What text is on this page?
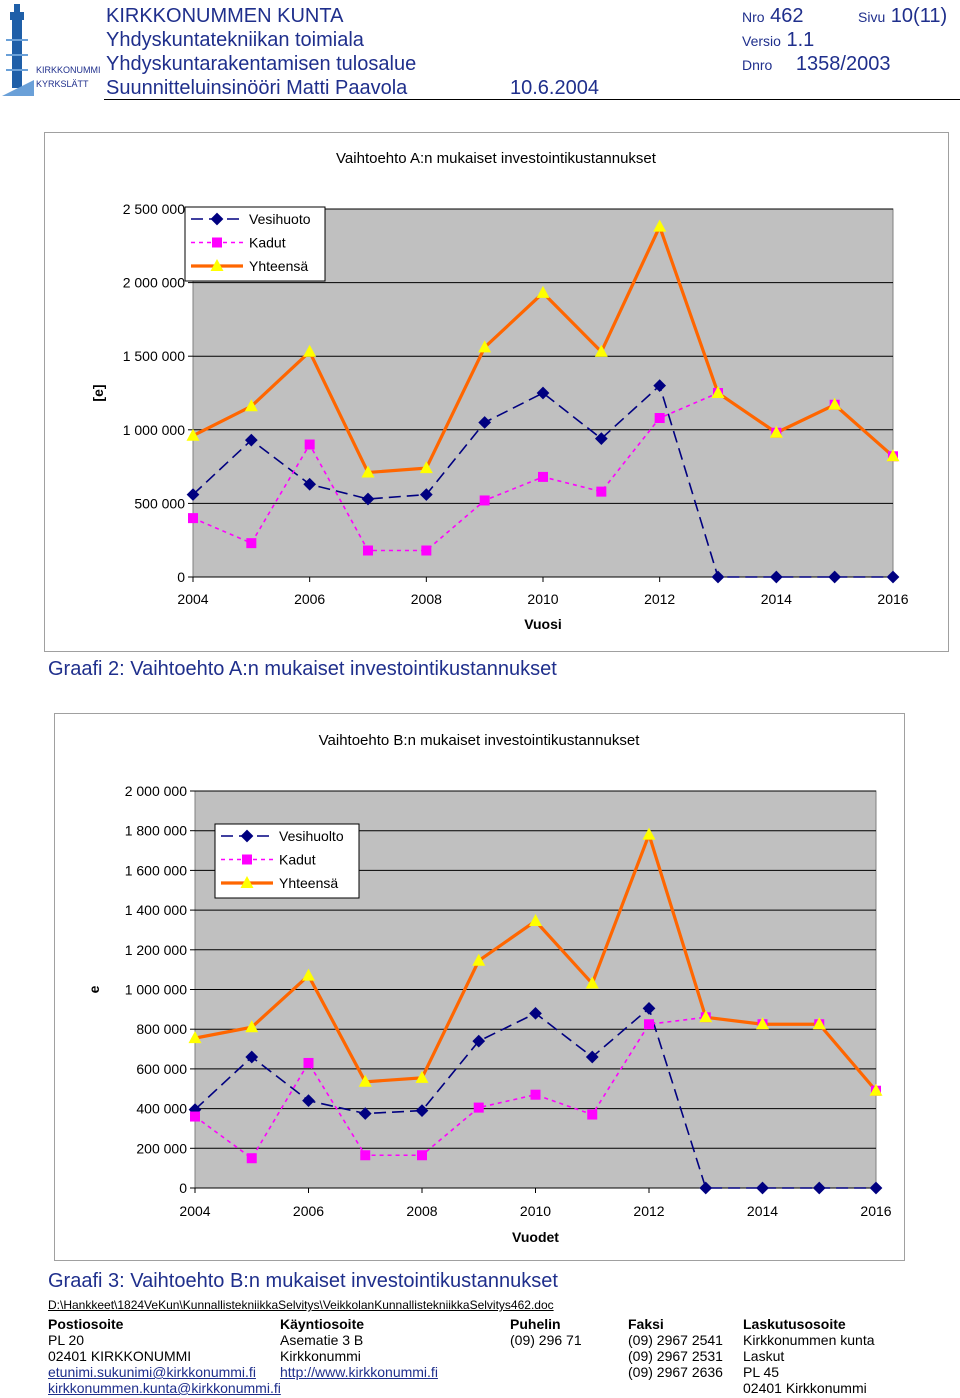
KIRKKONUMMI
KYRKSLÄTT
KIRKKONUMMEN KUNTA
Yhdyskuntatekniikan toimiala
Yhdyskuntarakentamisen tulosalue
Suunnitteluinsinööri Matti Paavola	10.6.2004
Nro 462	Sivu 10(11)
Versio 1.1
Dnro 1358/2003
Vaihtoehto A:n mukaiset investointikustannukset
0
500 000
1 000 000
1 500 000
2 000 000
2 500 000
2004	2006	2008	2010	2012	2014	2016
Vuosi
[e]
Vesihuoto
Kadut
Yhteensä
Graafi 2: Vaihtoehto A:n mukaiset investointikustannukset
Vaihtoehto B:n mukaiset investointikustannukset
0
200 000
400 000
600 000
800 000
1 000 000
1 200 000
1 400 000
1 600 000
1 800 000
2 000 000
2004	2006	2008	2010	2012	2014	2016
Vuodet
e
Vesihuolto
Kadut
Yhteensä
Graafi 3: Vaihtoehto B:n mukaiset investointikustannukset
D:\Hankkeet\1824VeKun\KunnallistekniikkaSelvitys\VeikkolanKunnallistekniikkaSelvitys462.doc
Postiosoite
PL 20
02401 KIRKKONUMMI
etunimi.sukunimi@kirkkonummi.fi
kirkkonummen.kunta@kirkkonummi.fi
Käyntiosoite
Asematie 3 B
Kirkkonummi
http://www.kirkkonummi.fi
Puhelin
(09) 296 71
Faksi
(09) 2967 2541
(09) 2967 2531
(09) 2967 2636
Laskutusosoite
Kirkkonummen kunta
Laskut
PL 45
02401 Kirkkonummi
